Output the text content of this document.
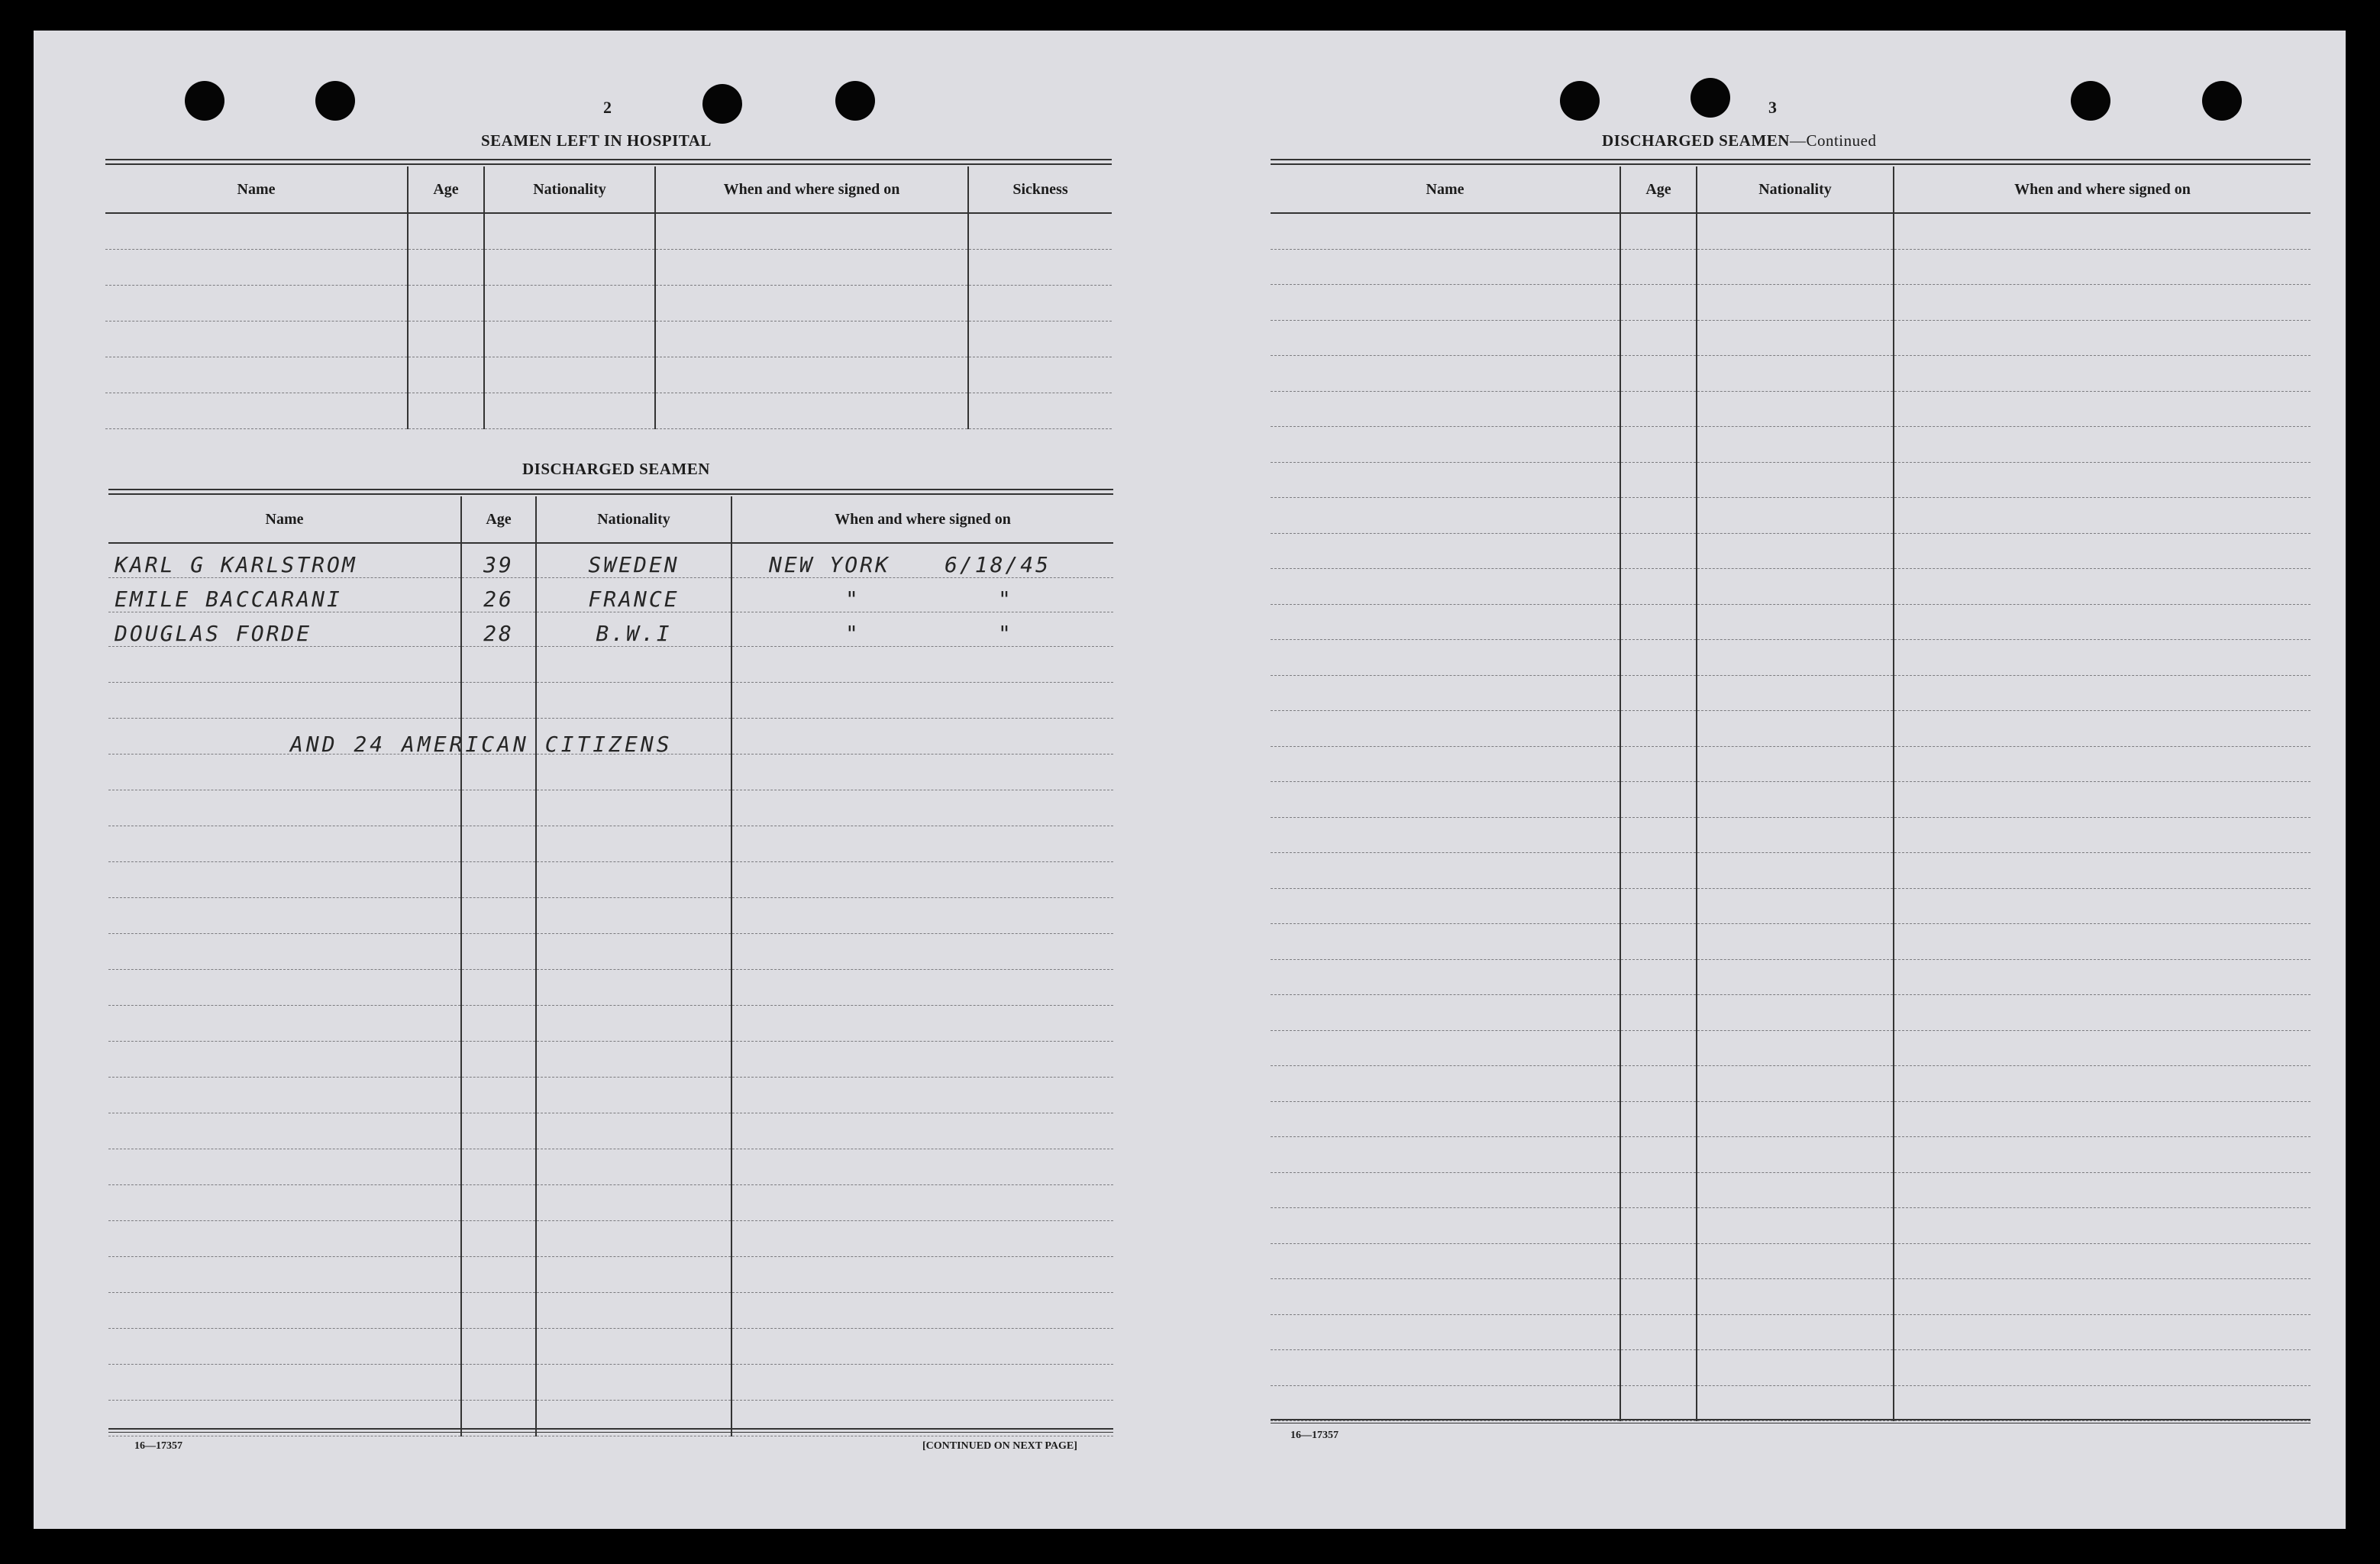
2
SEAMEN LEFT IN HOSPITAL
Name	Age	Nationality	When and where signed on	Sickness

DISCHARGED SEAMEN
Name	Age	Nationality	When and where signed on
KARL G KARLSTROM	39	SWEDEN	NEW YORK 6/18/45
EMILE BACCARANI	26	FRANCE	" "
DOUGLAS FORDE	28	B.W.I	" "

AND 24 AMERICAN CITIZENS
16—17357	[CONTINUED ON NEXT PAGE]
3
DISCHARGED SEAMEN—Continued
Name	Age	Nationality	When and where signed on

16—17357
